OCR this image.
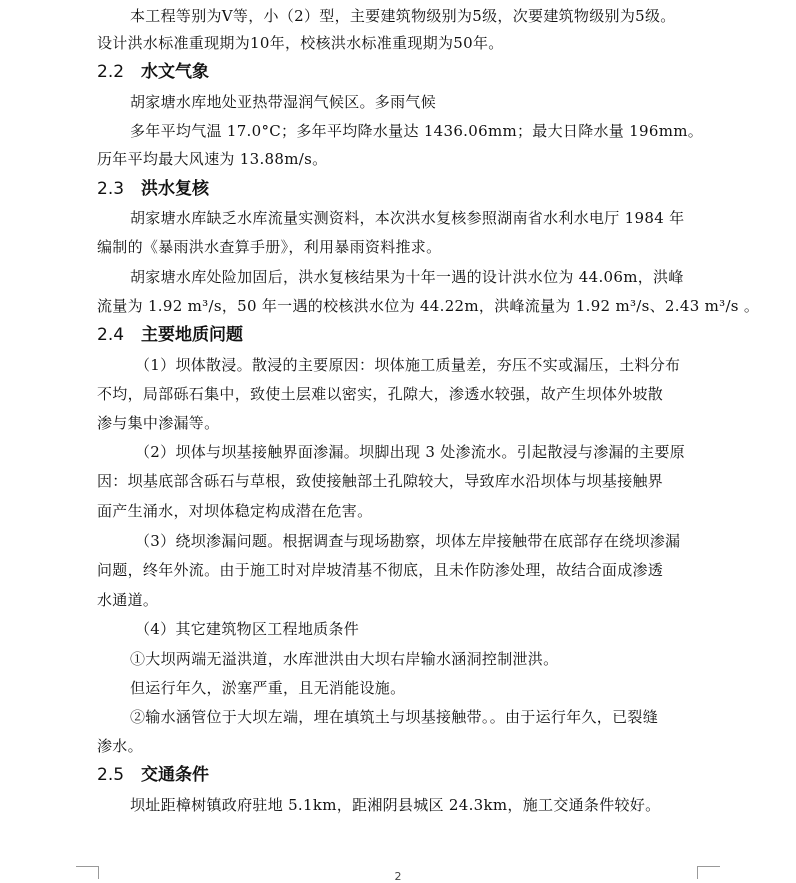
本工程等别为Ⅴ等，小（2）型，主要建筑物级别为5级，次要建筑物级别为5级。
设计洪水标准重现期为10年，校核洪水标准重现期为50年。
2.2 水文气象
胡家塘水库地处亚热带湿润气候区。多雨气候
多年平均气温 17.0°C；多年平均降水量达 1436.06mm；最大日降水量 196mm。
历年平均最大风速为 13.88m/s。
2.3 洪水复核
胡家塘水库缺乏水库流量实测资料，本次洪水复核参照湖南省水利水电厅 1984 年
编制的《暴雨洪水查算手册》，利用暴雨资料推求。
胡家塘水库处险加固后，洪水复核结果为十年一遇的设计洪水位为 44.06m，洪峰
流量为 1.92 m³/s，50 年一遇的校核洪水位为 44.22m，洪峰流量为 1.92 m³/s、2.43 m³/s 。
2.4 主要地质问题
（1）坝体散浸。散浸的主要原因：坝体施工质量差，夯压不实或漏压，土料分布
不均，局部砾石集中，致使土层难以密实，孔隙大，渗透水较强，故产生坝体外坡散
渗与集中渗漏等。
（2）坝体与坝基接触界面渗漏。坝脚出现 3 处渗流水。引起散浸与渗漏的主要原
因：坝基底部含砾石与草根，致使接触部土孔隙较大，导致库水沿坝体与坝基接触界
面产生涌水，对坝体稳定构成潜在危害。
（3）绕坝渗漏问题。根据调查与现场勘察，坝体左岸接触带在底部存在绕坝渗漏
问题，终年外流。由于施工时对岸坡清基不彻底，且未作防渗处理，故结合面成渗透
水通道。
（4）其它建筑物区工程地质条件
①大坝两端无溢洪道，水库泄洪由大坝右岸输水涵洞控制泄洪。
但运行年久，淤塞严重，且无消能设施。
②输水涵管位于大坝左端，埋在填筑土与坝基接触带。。由于运行年久，已裂缝
渗水。
2.5 交通条件
坝址距樟树镇政府驻地 5.1km，距湘阴县城区 24.3km，施工交通条件较好。
2
